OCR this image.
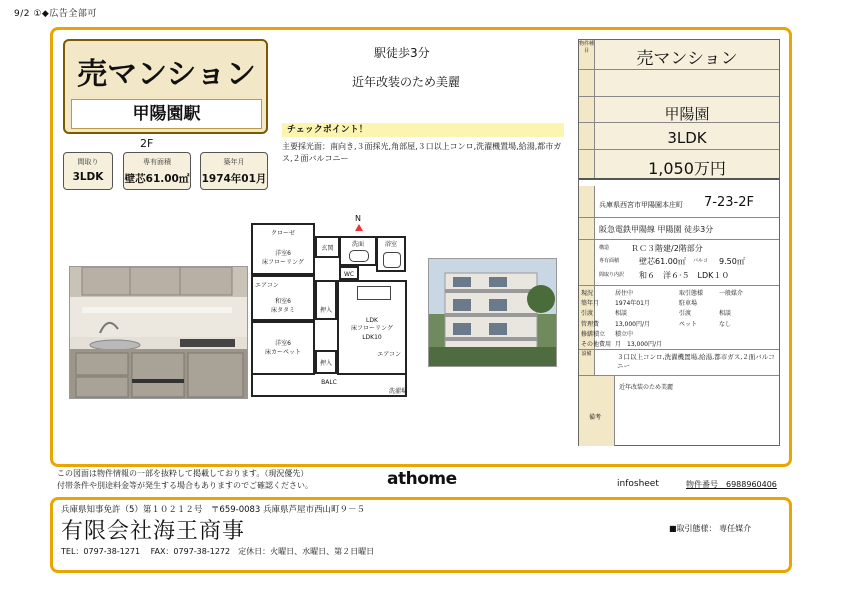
9/2 ①◆広告全部可
売マンション
甲陽園駅
2F
間取り
3LDK
専有面積
壁芯61.00㎡
築年月
1974年01月
駅徒歩3分
近年改装のため美麗
チェックポイント！
主要採光面：南向き,３面採光,角部屋,３口以上コンロ,洗濯機置場,給湯,都市ガス,２面バルコニー
N
クローゼ
洋室6
床フローリング
玄関
洗面	浴室
WC
エアコン
和室6
床タタミ	押入
LDK
床フローリング
LDK10
エアコン
洋室6
床カーペット
押入
BALC
洗濯場
物件種目	売マンション
甲陽園
3LDK
1,050万円
兵庫県西宮市甲陽園本庄町 7-23-2F
阪急電鉄甲陽線 甲陽園 徒歩3分
構造	ＲＣ３階建/2階部分
専有面積 壁芯61.00㎡ バルコ 9.50㎡
間取り内訳 和６　洋６·５　LDK１０
現況	居住中	取引態様	一般媒介
築年月	1974年01月	駐車場
引渡	相談	引渡	相談
管理費	13,000円/月	ペット	なし
修繕積立 積立中
その他費用 月　13,000円/月
設備	３口以上コンロ,洗濯機置場,給湯,都市ガス,２面バルコニー
備考
近年改装のため美麗
この図面は物件情報の一部を抜粋して掲載しております。（現況優先）
付帯条件や別途料金等が発生する場合もありますのでご確認ください。	athome	infosheet	物件番号　6988960406
兵庫県知事免許（5）第１０２１２号　〒659-0083 兵庫県芦屋市西山町９－５
有限会社海王商事
TEL：0797-38-1271　 FAX：0797-38-1272　定休日：火曜日、水曜日、第２日曜日
■取引態様： 専任媒介
